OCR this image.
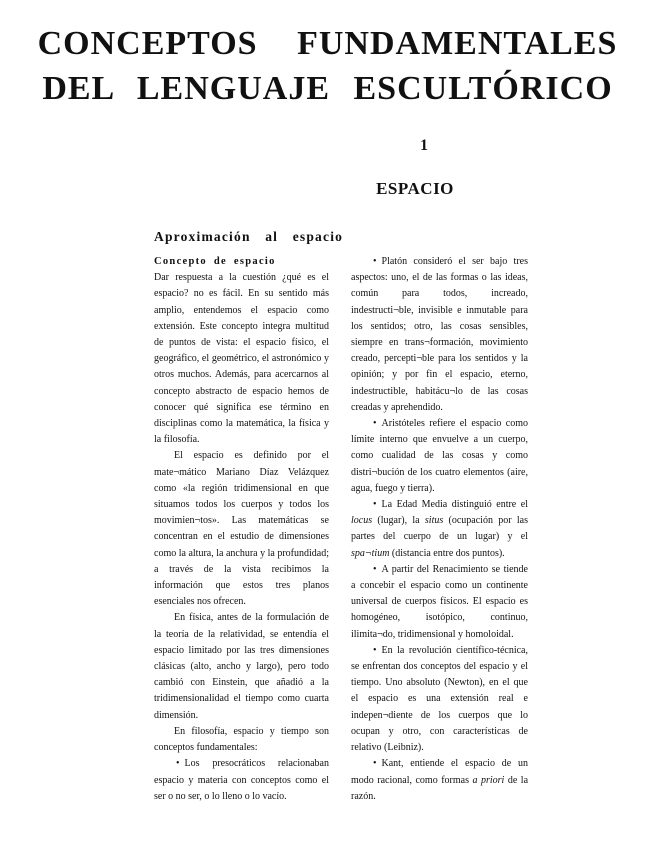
CONCEPTOS FUNDAMENTALES
DEL LENGUAJE ESCULTÓRICO
1
ESPACIO
Aproximación al espacio
Concepto de espacio

Dar respuesta a la cuestión ¿qué es el espacio? no es fácil. En su sentido más amplio, entendemos el espacio como extensión. Este concepto integra multitud de puntos de vista: el espacio físico, el geográfico, el geométrico, el astronómico y otros muchos. Además, para acercarnos al concepto abstracto de espacio hemos de conocer qué significa ese término en disciplinas como la matemática, la física y la filosofía.

El espacio es definido por el mate¬mático Mariano Díaz Velázquez como «la región tridimensional en que situamos todos los cuerpos y todos los movimien¬tos». Las matemáticas se concentran en el estudio de dimensiones como la altura, la anchura y la profundidad; a través de la vista recibimos la información que estos tres planos esenciales nos ofrecen.

En física, antes de la formulación de la teoría de la relatividad, se entendía el espacio limitado por las tres dimensiones clásicas (alto, ancho y largo), pero todo cambió con Einstein, que añadió a la tridimensionalidad el tiempo como cuarta dimensión.

En filosofía, espacio y tiempo son conceptos fundamentales:

• Los presocráticos relacionaban espacio y materia con conceptos como el ser o no ser, o lo lleno o lo vacío.

• Platón consideró el ser bajo tres aspectos: uno, el de las formas o las ideas, común para todos, increado, indestructi¬ble, invisible e inmutable para los sentidos; otro, las cosas sensibles, siempre en trans¬formación, movimiento creado, percepti¬ble para los sentidos y la opinión; y por fin el espacio, eterno, indestructible, habitácu¬lo de las cosas creadas y aprehendido.

• Aristóteles refiere el espacio como límite interno que envuelve a un cuerpo, como cualidad de las cosas y como distri¬bución de los cuatro elementos (aire, agua, fuego y tierra).

• La Edad Media distinguió entre el locus (lugar), la situs (ocupación por las partes del cuerpo de un lugar) y el spa¬tium (distancia entre dos puntos).

• A partir del Renacimiento se tiende a concebir el espacio como un continente universal de cuerpos físicos. El espacio es homogéneo, isotópico, continuo, ilimita¬do, tridimensional y homoloidal.

• En la revolución científico-técnica, se enfrentan dos conceptos del espacio y el tiempo. Uno absoluto (Newton), en el que el espacio es una extensión real e indepen¬diente de los cuerpos que lo ocupan y otro, con características de relativo (Leibniz).

• Kant, entiende el espacio de un modo racional, como formas a priori de la razón.
